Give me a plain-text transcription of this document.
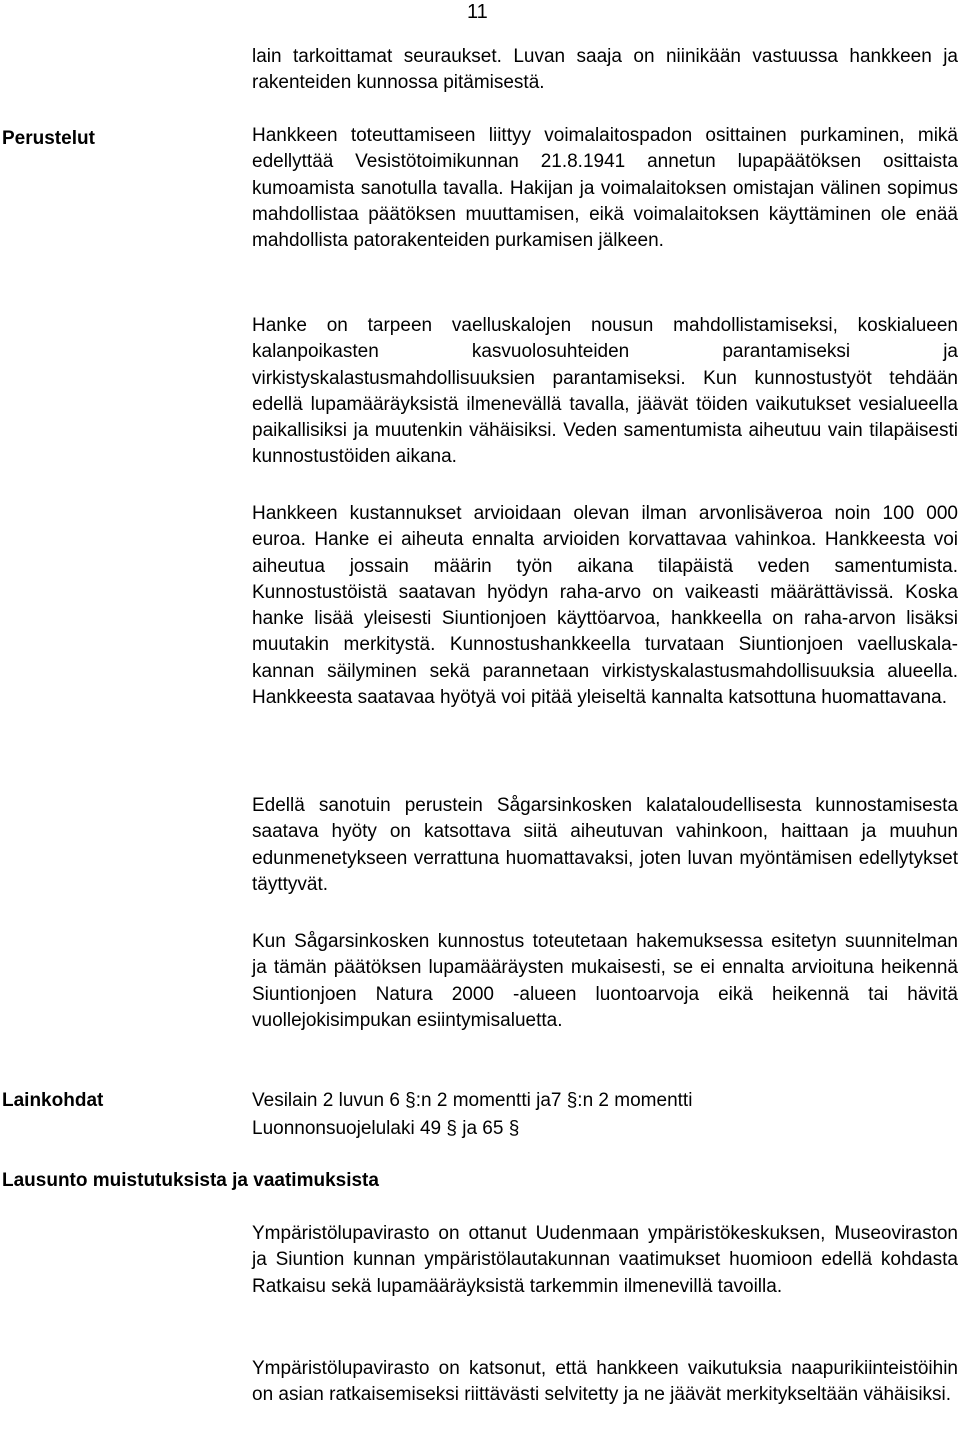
11

lain tarkoittamat seuraukset. Luvan saaja on niinikään vastuussa hankkeen ja rakenteiden kunnossa pitämisestä.

Perustelut	Hankkeen toteuttamiseen liittyy voimalaitospadon osittainen purkaminen, mikä edellyttää Vesistötoimikunnan 21.8.1941 annetun lupapäätöksen osittaista kumoamista sanotulla tavalla. Hakijan ja voimalaitoksen omistajan välinen sopimus mahdollistaa päätöksen muuttamisen, eikä voimalaitoksen käyttäminen ole enää mahdollista patorakenteiden purkamisen jälkeen.

Hanke on tarpeen vaelluskalojen nousun mahdollistamiseksi, koskialueen kalanpoikasten kasvuolosuhteiden parantamiseksi ja virkistyskalastusmahdollisuuksien parantamiseksi. Kun kunnostustyöt tehdään edellä lupamääräyksistä ilmenevällä tavalla, jäävät töiden vaikutukset vesialueella paikallisiksi ja muutenkin vähäisiksi. Veden samentumista aiheutuu vain tilapäisesti kunnostustöiden aikana.

Hankkeen kustannukset arvioidaan olevan ilman arvonlisäveroa noin 100 000 euroa. Hanke ei aiheuta ennalta arvioiden korvattavaa vahinkoa. Hankkeesta voi aiheutua jossain määrin työn aikana tilapäistä veden samentumista. Kunnostustöistä saatavan hyödyn raha-arvo on vaikeasti määrättävissä. Koska hanke lisää yleisesti Siuntionjoen käyttöarvoa, hankkeella on raha-arvon lisäksi muutakin merkitystä. Kunnostushankkeella turvataan Siuntionjoen vaelluskala-kannan säilyminen sekä parannetaan virkistyskalastusmahdollisuuksia alueella. Hankkeesta saatavaa hyötyä voi pitää yleiseltä kannalta katsottuna huomattavana.

Edellä sanotuin perustein Sågarsinkosken kalataloudellisesta kunnostamisesta saatava hyöty on katsottava siitä aiheutuvan vahinkoon, haittaan ja muuhun edunmenetykseen verrattuna huomattavaksi, joten luvan myöntämisen edellytykset täyttyvät.

Kun Sågarsinkosken kunnostus toteutetaan hakemuksessa esitetyn suunnitelman ja tämän päätöksen lupamääräysten mukaisesti, se ei ennalta arvioituna heikennä Siuntionjoen Natura 2000 -alueen luontoarvoja eikä heikennä tai hävitä vuollejokisimpukan esiintymisaluetta.

Lainkohdat	Vesilain 2 luvun 6 §:n 2 momentti ja7 §:n 2 momentti
Luonnonsuojelulaki 49 § ja 65 §
Lausunto muistutuksista ja vaatimuksista

Ympäristölupavirasto on ottanut Uudenmaan ympäristökeskuksen, Museoviraston ja Siuntion kunnan ympäristölautakunnan vaatimukset huomioon edellä kohdasta Ratkaisu sekä lupamääräyksistä tarkemmin ilmenevillä tavoilla.

Ympäristölupavirasto on katsonut, että hankkeen vaikutuksia naapurikiinteistöihin on asian ratkaisemiseksi riittävästi selvitetty ja ne jäävät merkitykseltään vähäisiksi.
